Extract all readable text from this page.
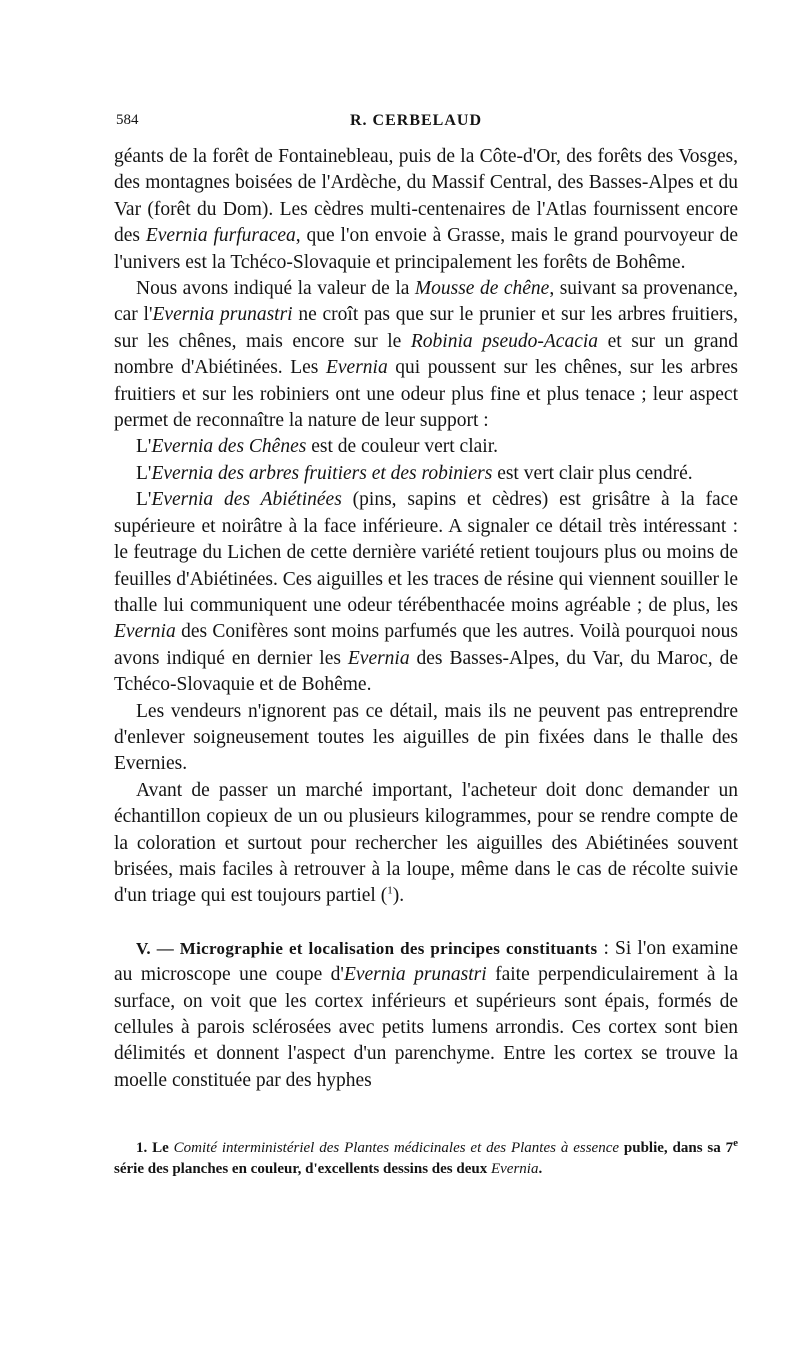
584	R. CERBELAUD

géants de la forêt de Fontainebleau, puis de la Côte-d'Or, des forêts des Vosges, des montagnes boisées de l'Ardèche, du Massif Central, des Basses-Alpes et du Var (forêt du Dom). Les cèdres multi-centenaires de l'Atlas fournissent encore des Evernia furfuracea, que l'on envoie à Grasse, mais le grand pourvoyeur de l'univers est la Tchéco-Slovaquie et principalement les forêts de Bohême.

Nous avons indiqué la valeur de la Mousse de chêne, suivant sa provenance, car l'Evernia prunastri ne croît pas que sur le prunier et sur les arbres fruitiers, sur les chênes, mais encore sur le Robinia pseudo-Acacia et sur un grand nombre d'Abiétinées. Les Evernia qui poussent sur les chênes, sur les arbres fruitiers et sur les robiniers ont une odeur plus fine et plus tenace ; leur aspect permet de reconnaître la nature de leur support :

L'Evernia des Chênes est de couleur vert clair.

L'Evernia des arbres fruitiers et des robiniers est vert clair plus cendré.

L'Evernia des Abiétinées (pins, sapins et cèdres) est grisâtre à la face supérieure et noirâtre à la face inférieure. A signaler ce détail très intéressant : le feutrage du Lichen de cette dernière variété retient toujours plus ou moins de feuilles d'Abiétinées. Ces aiguilles et les traces de résine qui viennent souiller le thalle lui communiquent une odeur térébenthacée moins agréable ; de plus, les Evernia des Conifères sont moins parfumés que les autres. Voilà pourquoi nous avons indiqué en dernier les Evernia des Basses-Alpes, du Var, du Maroc, de Tchéco-Slovaquie et de Bohême.

Les vendeurs n'ignorent pas ce détail, mais ils ne peuvent pas entreprendre d'enlever soigneusement toutes les aiguilles de pin fixées dans le thalle des Evernies.

Avant de passer un marché important, l'acheteur doit donc demander un échantillon copieux de un ou plusieurs kilogrammes, pour se rendre compte de la coloration et surtout pour rechercher les aiguilles des Abiétinées souvent brisées, mais faciles à retrouver à la loupe, même dans le cas de récolte suivie d'un triage qui est toujours partiel ($^1$).

V. — Micrographie et localisation des principes constituants : Si l'on examine au microscope une coupe d'Evernia prunastri faite perpendiculairement à la surface, on voit que les cortex inférieurs et supérieurs sont épais, formés de cellules à parois sclérosées avec petits lumens arrondis. Ces cortex sont bien délimités et donnent l'aspect d'un parenchyme. Entre les cortex se trouve la moelle constituée par des hyphes

1. Le Comité interministériel des Plantes médicinales et des Plantes à essence publie, dans sa 7e série des planches en couleur, d'excellents dessins des deux Evernia.
